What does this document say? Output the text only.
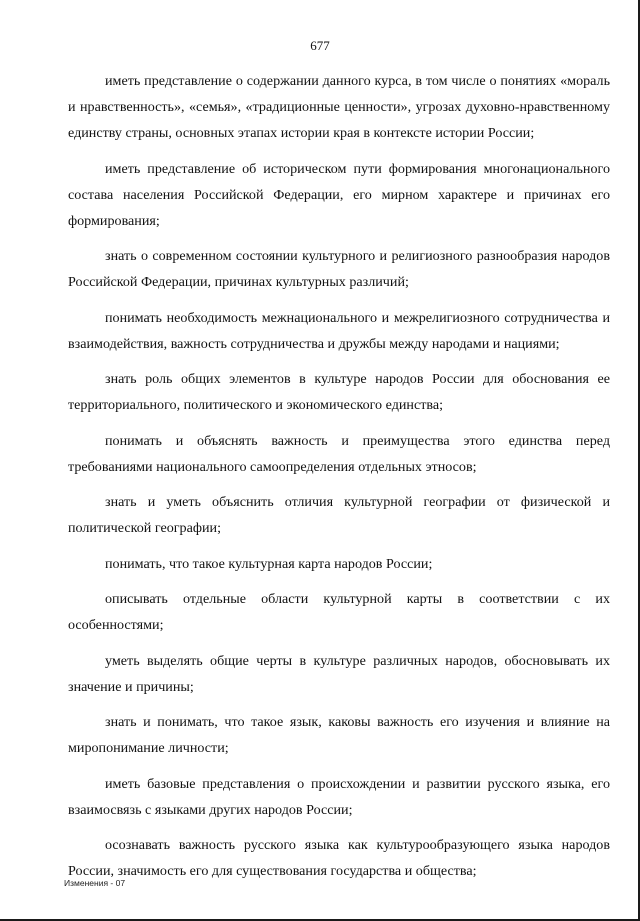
677

иметь представление о содержании данного курса, в том числе о понятиях «мораль и нравственность», «семья», «традиционные ценности», угрозах духовно-нравственному единству страны, основных этапах истории края в контексте истории России;

иметь представление об историческом пути формирования многонационального состава населения Российской Федерации, его мирном характере и причинах его формирования;

знать о современном состоянии культурного и религиозного разнообразия народов Российской Федерации, причинах культурных различий;

понимать необходимость межнационального и межрелигиозного сотрудничества и взаимодействия, важность сотрудничества и дружбы между народами и нациями;

знать роль общих элементов в культуре народов России для обоснования ее территориального, политического и экономического единства;

понимать и объяснять важность и преимущества этого единства перед требованиями национального самоопределения отдельных этносов;

знать и уметь объяснить отличия культурной географии от физической и политической географии;

понимать, что такое культурная карта народов России;

описывать отдельные области культурной карты в соответствии с их особенностями;

уметь выделять общие черты в культуре различных народов, обосновывать их значение и причины;

знать и понимать, что такое язык, каковы важность его изучения и влияние на миропонимание личности;

иметь базовые представления о происхождении и развитии русского языка, его взаимосвязь с языками других народов России;

осознавать важность русского языка как культурообразующего языка народов России, значимость его для существования государства и общества;

Изменения - 07
